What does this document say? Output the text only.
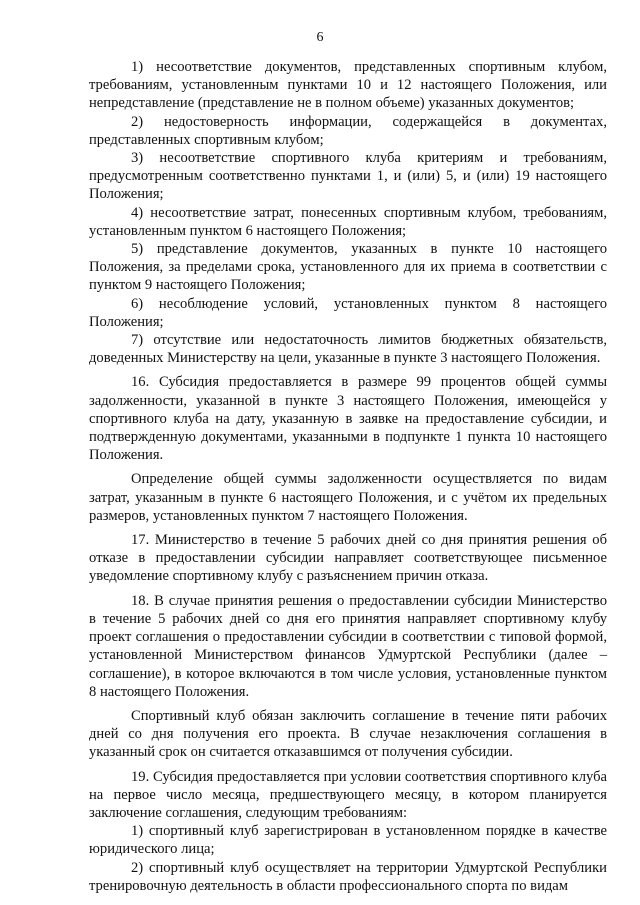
6

1) несоответствие документов, представленных спортивным клубом, требованиям, установленным пунктами 10 и 12 настоящего Положения, или непредставление (представление не в полном объеме) указанных документов;

2) недостоверность информации, содержащейся в документах, представленных спортивным клубом;

3) несоответствие спортивного клуба критериям и требованиям, предусмотренным соответственно пунктами 1, и (или) 5, и (или) 19 настоящего Положения;

4) несоответствие затрат, понесенных спортивным клубом, требованиям, установленным пунктом 6 настоящего Положения;

5) представление документов, указанных в пункте 10 настоящего Положения, за пределами срока, установленного для их приема в соответствии с пунктом 9 настоящего Положения;

6) несоблюдение условий, установленных пунктом 8 настоящего Положения;

7) отсутствие или недостаточность лимитов бюджетных обязательств, доведенных Министерству на цели, указанные в пункте 3 настоящего Положения.

16. Субсидия предоставляется в размере 99 процентов общей суммы задолженности, указанной в пункте 3 настоящего Положения, имеющейся у спортивного клуба на дату, указанную в заявке на предоставление субсидии, и подтвержденную документами, указанными в подпункте 1 пункта 10 настоящего Положения.

Определение общей суммы задолженности осуществляется по видам затрат, указанным в пункте 6 настоящего Положения, и с учётом их предельных размеров, установленных пунктом 7 настоящего Положения.

17. Министерство в течение 5 рабочих дней со дня принятия решения об отказе в предоставлении субсидии направляет соответствующее письменное уведомление спортивному клубу с разъяснением причин отказа.

18. В случае принятия решения о предоставлении субсидии Министерство в течение 5 рабочих дней со дня его принятия направляет спортивному клубу проект соглашения о предоставлении субсидии в соответствии с типовой формой, установленной Министерством финансов Удмуртской Республики (далее – соглашение), в которое включаются в том числе условия, установленные пунктом 8 настоящего Положения.

Спортивный клуб обязан заключить соглашение в течение пяти рабочих дней со дня получения его проекта. В случае незаключения соглашения в указанный срок он считается отказавшимся от получения субсидии.

19. Субсидия предоставляется при условии соответствия спортивного клуба на первое число месяца, предшествующего месяцу, в котором планируется заключение соглашения, следующим требованиям:

1) спортивный клуб зарегистрирован в установленном порядке в качестве юридического лица;

2) спортивный клуб осуществляет на территории Удмуртской Республики тренировочную деятельность в области профессионального спорта по видам
